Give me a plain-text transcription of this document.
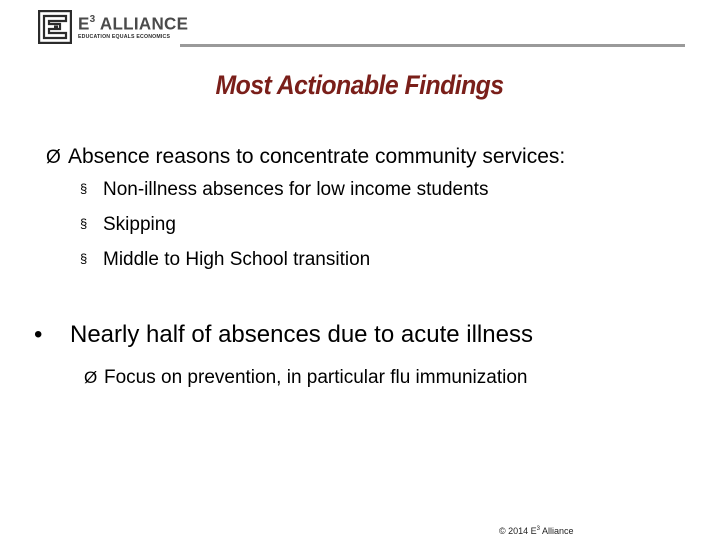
$E^3$ ALLIANCE
EDUCATION EQUALS ECONOMICS
Most Actionable Findings
Ø Absence reasons to concentrate community services:
§ Non-illness absences for low income students
§ Skipping
§ Middle to High School transition
• Nearly half of absences due to acute illness
Ø Focus on prevention, in particular flu immunization
© 2014 $E^3$ Alliance
